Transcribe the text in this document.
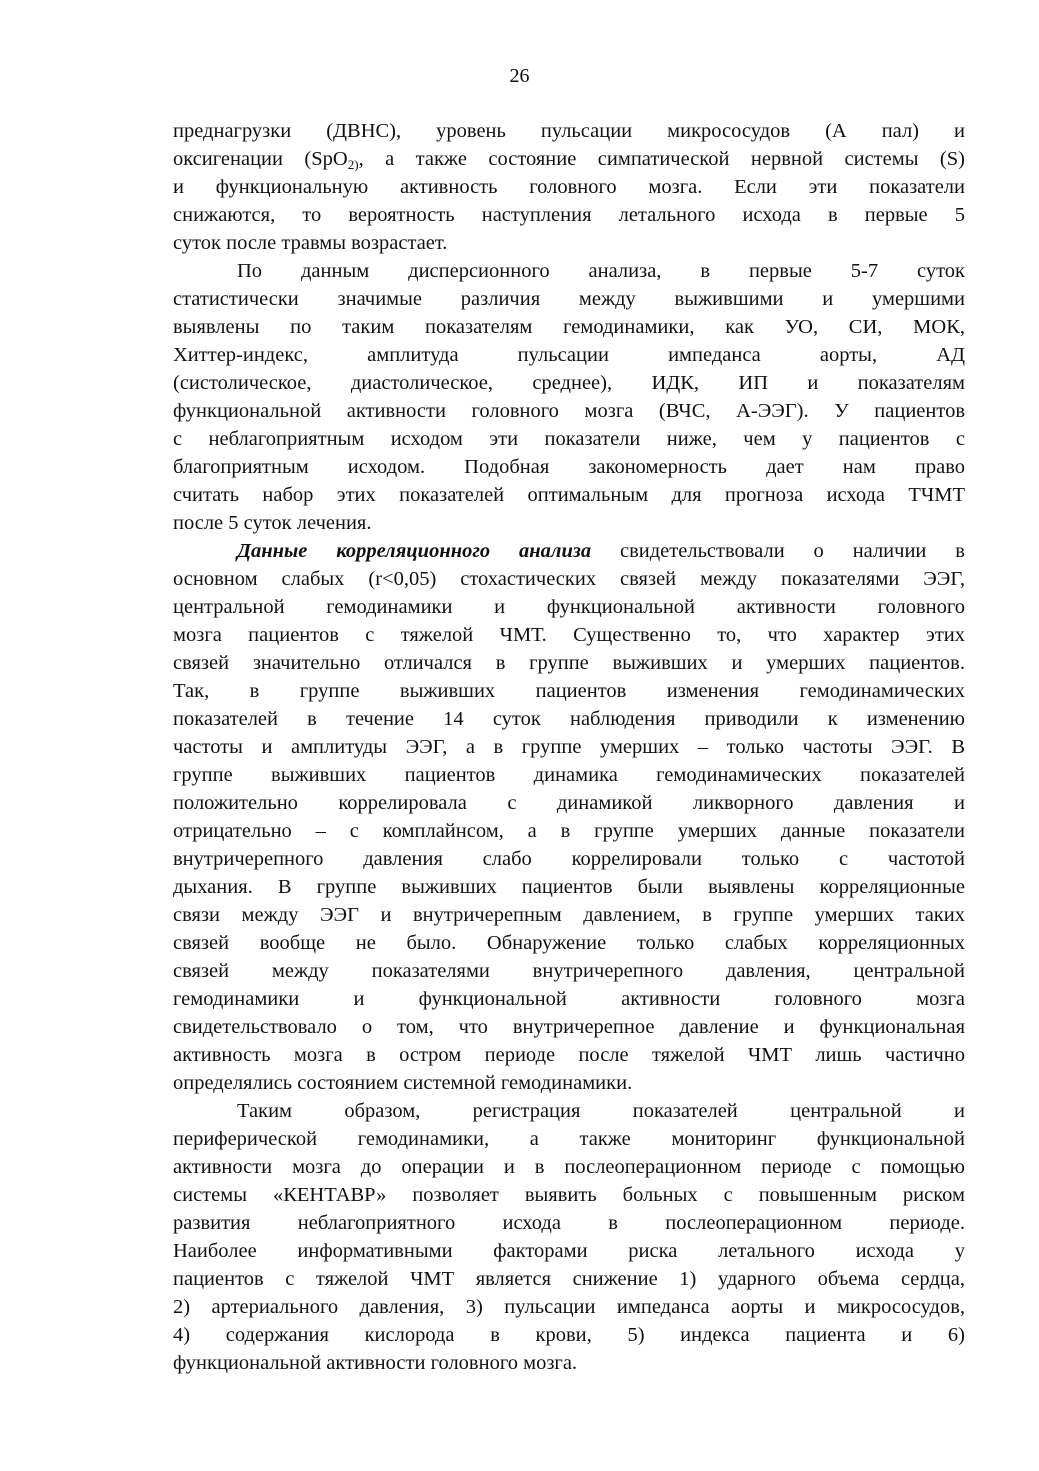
26
преднагрузки (ДВНС), уровень пульсации микрососудов (А пал) и
оксигенации (SpO$_{2)}$, а также состояние симпатической нервной системы (S)
и функциональную активность головного мозга. Если эти показатели
снижаются, то вероятность наступления летального исхода в первые 5
суток после травмы возрастает.
По данным дисперсионного анализа, в первые 5-7 суток
статистически значимые различия между выжившими и умершими
выявлены по таким показателям гемодинамики, как УО, СИ, МОК,
Хиттер-индекс, амплитуда пульсации импеданса аорты, АД
(систолическое, диастолическое, среднее), ИДК, ИП и показателям
функциональной активности головного мозга (ВЧС, А-ЭЭГ). У пациентов
с неблагоприятным исходом эти показатели ниже, чем у пациентов с
благоприятным исходом. Подобная закономерность дает нам право
считать набор этих показателей оптимальным для прогноза исхода ТЧМТ
после 5 суток лечения.
Данные корреляционного анализа свидетельствовали о наличии в
основном слабых (r<0,05) стохастических связей между показателями ЭЭГ,
центральной гемодинамики и функциональной активности головного
мозга пациентов с тяжелой ЧМТ. Существенно то, что характер этих
связей значительно отличался в группе выживших и умерших пациентов.
Так, в группе выживших пациентов изменения гемодинамических
показателей в течение 14 суток наблюдения приводили к изменению
частоты и амплитуды ЭЭГ, а в группе умерших – только частоты ЭЭГ. В
группе выживших пациентов динамика гемодинамических показателей
положительно коррелировала с динамикой ликворного давления и
отрицательно – с комплайнсом, а в группе умерших данные показатели
внутричерепного давления слабо коррелировали только с частотой
дыхания. В группе выживших пациентов были выявлены корреляционные
связи между ЭЭГ и внутричерепным давлением, в группе умерших таких
связей вообще не было. Обнаружение только слабых корреляционных
связей между показателями внутричерепного давления, центральной
гемодинамики и функциональной активности головного мозга
свидетельствовало о том, что внутричерепное давление и функциональная
активность мозга в остром периоде после тяжелой ЧМТ лишь частично
определялись состоянием системной гемодинамики.
Таким образом, регистрация показателей центральной и
периферической гемодинамики, а также мониторинг функциональной
активности мозга до операции и в послеоперационном периоде с помощью
системы «КЕНТАВР» позволяет выявить больных с повышенным риском
развития неблагоприятного исхода в послеоперационном периоде.
Наиболее информативными факторами риска летального исхода у
пациентов с тяжелой ЧМТ является снижение 1) ударного объема сердца,
2) артериального давления, 3) пульсации импеданса аорты и микрососудов,
4) содержания кислорода в крови, 5) индекса пациента и 6)
функциональной активности головного мозга.
